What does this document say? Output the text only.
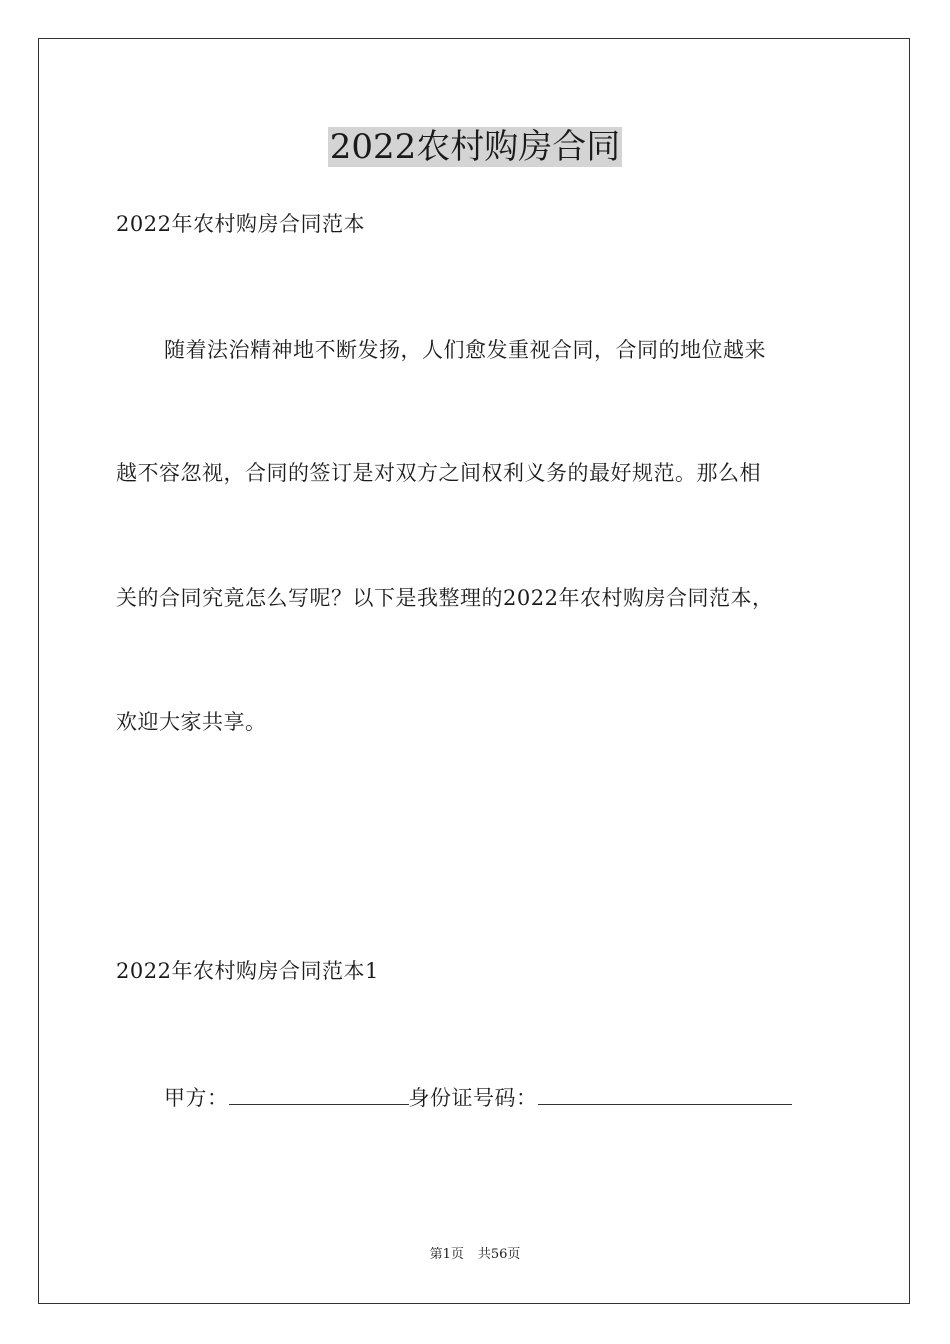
2022农村购房合同
2022年农村购房合同范本
随着法治精神地不断发扬，人们愈发重视合同，合同的地位越来
越不容忽视，合同的签订是对双方之间权利义务的最好规范。那么相
关的合同究竟怎么写呢？以下是我整理的2022年农村购房合同范本，
欢迎大家共享。
2022年农村购房合同范本1
甲方：	身份证号码：
第1页 共56页
